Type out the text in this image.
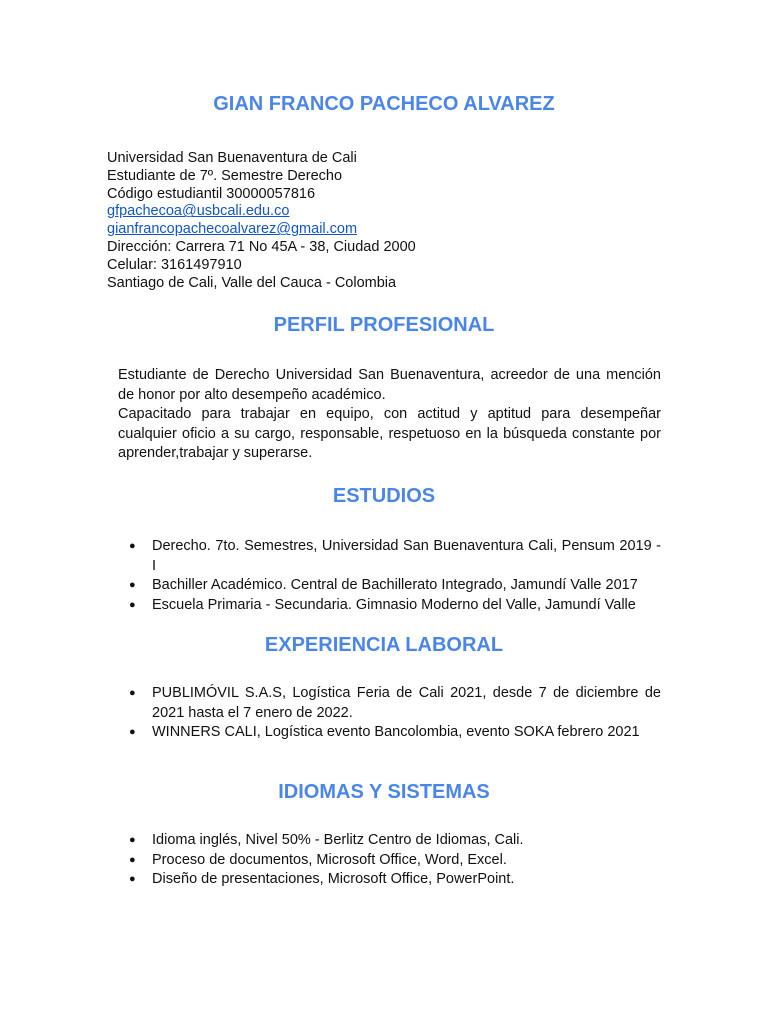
GIAN FRANCO PACHECO ALVAREZ
Universidad San Buenaventura de Cali
Estudiante de 7º. Semestre Derecho
Código estudiantil 30000057816
gfpachecoa@usbcali.edu.co
gianfrancopachecoalvarez@gmail.com
Dirección: Carrera 71 No 45A - 38, Ciudad 2000
Celular: 3161497910
Santiago de Cali, Valle del Cauca - Colombia
PERFIL PROFESIONAL

Estudiante de Derecho Universidad San Buenaventura, acreedor de una mención de honor por alto desempeño académico.

Capacitado para trabajar en equipo, con actitud y aptitud para desempeñar cualquier oficio a su cargo, responsable, respetuoso en la búsqueda constante por aprender,trabajar y superarse.

ESTUDIOS
● Derecho. 7to. Semestres, Universidad San Buenaventura Cali, Pensum 2019 - I
● Bachiller Académico. Central de Bachillerato Integrado, Jamundí Valle 2017
● Escuela Primaria - Secundaria. Gimnasio Moderno del Valle, Jamundí Valle
EXPERIENCIA LABORAL
● PUBLIMÓVIL S.A.S, Logística Feria de Cali 2021, desde 7 de diciembre de 2021 hasta el 7 enero de 2022.
● WINNERS CALI, Logística evento Bancolombia, evento SOKA febrero 2021
IDIOMAS Y SISTEMAS
● Idioma inglés, Nivel 50% - Berlitz Centro de Idiomas, Cali.
● Proceso de documentos, Microsoft Office, Word, Excel.
● Diseño de presentaciones, Microsoft Office, PowerPoint.
